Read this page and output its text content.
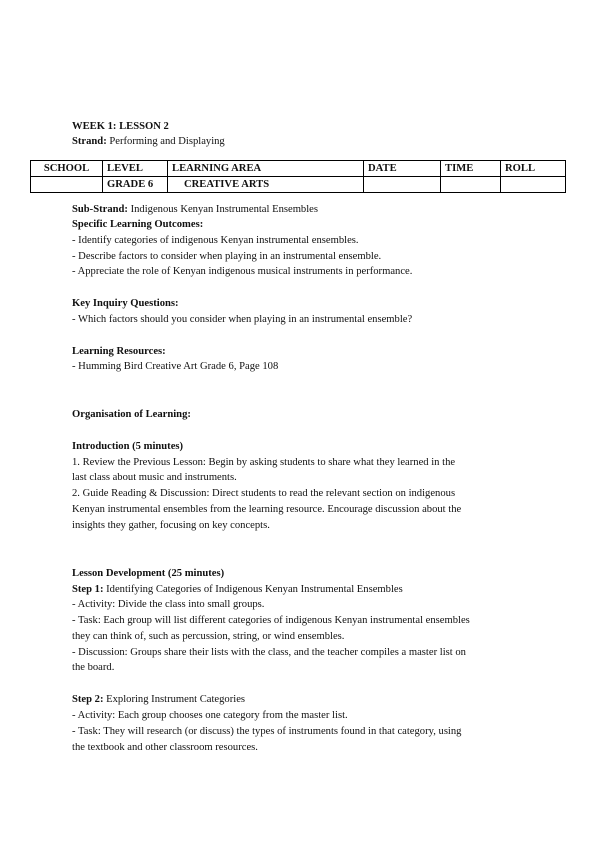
WEEK 1: LESSON 2
Strand: Performing and Displaying
SCHOOL	LEVEL	LEARNING AREA	DATE	TIME	ROLL
	GRADE 6	CREATIVE ARTS			
Sub-Strand: Indigenous Kenyan Instrumental Ensembles
Specific Learning Outcomes:
- Identify categories of indigenous Kenyan instrumental ensembles.
- Describe factors to consider when playing in an instrumental ensemble.
- Appreciate the role of Kenyan indigenous musical instruments in performance.
Key Inquiry Questions:
- Which factors should you consider when playing in an instrumental ensemble?
Learning Resources:
- Humming Bird Creative Art Grade 6, Page 108
Organisation of Learning:
Introduction (5 minutes)
1. Review the Previous Lesson: Begin by asking students to share what they learned in the
last class about music and instruments.
2. Guide Reading & Discussion: Direct students to read the relevant section on indigenous
Kenyan instrumental ensembles from the learning resource. Encourage discussion about the
insights they gather, focusing on key concepts.
Lesson Development (25 minutes)
Step 1: Identifying Categories of Indigenous Kenyan Instrumental Ensembles
- Activity: Divide the class into small groups.
- Task: Each group will list different categories of indigenous Kenyan instrumental ensembles
they can think of, such as percussion, string, or wind ensembles.
- Discussion: Groups share their lists with the class, and the teacher compiles a master list on
the board.
Step 2: Exploring Instrument Categories
- Activity: Each group chooses one category from the master list.
- Task: They will research (or discuss) the types of instruments found in that category, using
the textbook and other classroom resources.
